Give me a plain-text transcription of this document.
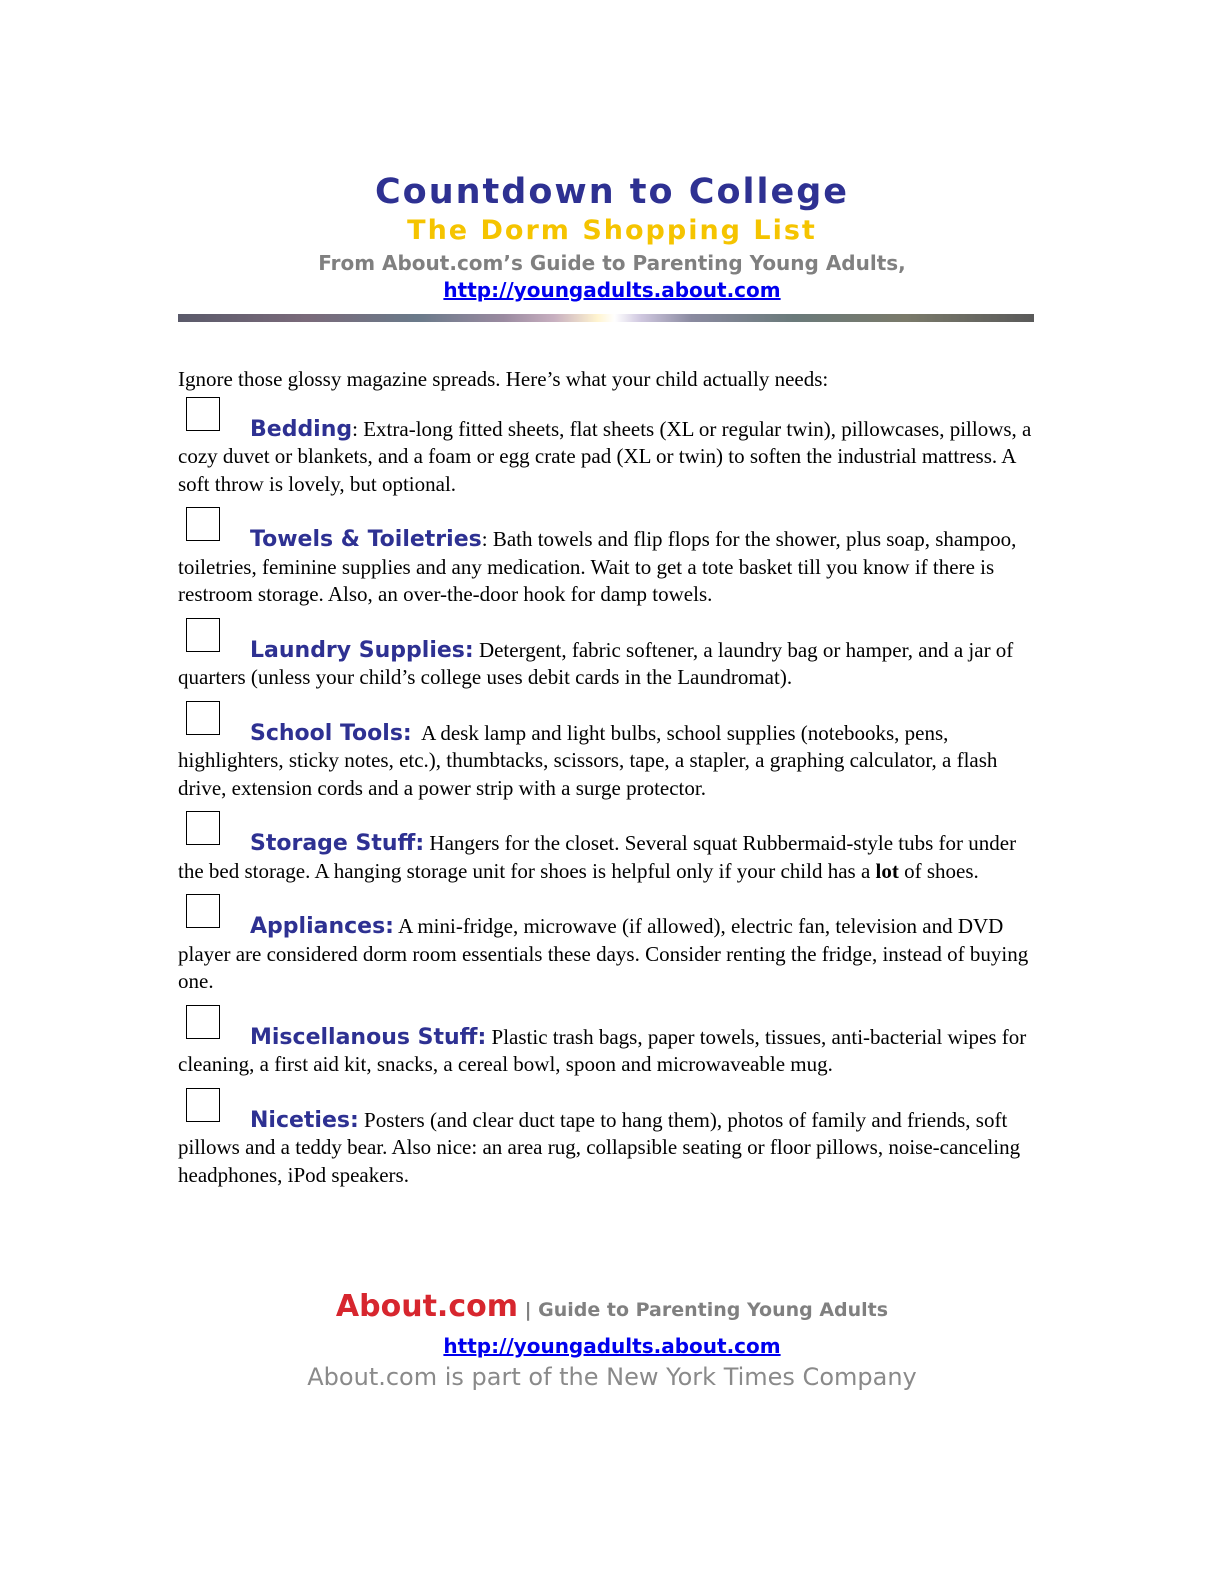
Countdown to College

The Dorm Shopping List

From About.com’s Guide to Parenting Young Adults,

http://youngadults.about.com

Ignore those glossy magazine spreads. Here’s what your child actually needs:

Bedding: Extra-long fitted sheets, flat sheets (XL or regular twin), pillowcases, pillows, a cozy duvet or blankets, and a foam or egg crate pad (XL or twin) to soften the industrial mattress. A soft throw is lovely, but optional.

Towels & Toiletries: Bath towels and flip flops for the shower, plus soap, shampoo, toiletries, feminine supplies and any medication. Wait to get a tote basket till you know if there is restroom storage. Also, an over-the-door hook for damp towels.

Laundry Supplies: Detergent, fabric softener, a laundry bag or hamper, and a jar of quarters (unless your child’s college uses debit cards in the Laundromat).

School Tools: A desk lamp and light bulbs, school supplies (notebooks, pens, highlighters, sticky notes, etc.), thumbtacks, scissors, tape, a stapler, a graphing calculator, a flash drive, extension cords and a power strip with a surge protector.

Storage Stuff: Hangers for the closet. Several squat Rubbermaid-style tubs for under the bed storage. A hanging storage unit for shoes is helpful only if your child has a lot of shoes.

Appliances: A mini-fridge, microwave (if allowed), electric fan, television and DVD player are considered dorm room essentials these days. Consider renting the fridge, instead of buying one.

Miscellanous Stuff: Plastic trash bags, paper towels, tissues, anti-bacterial wipes for cleaning, a first aid kit, snacks, a cereal bowl, spoon and microwaveable mug.

Niceties: Posters (and clear duct tape to hang them), photos of family and friends, soft pillows and a teddy bear. Also nice: an area rug, collapsible seating or floor pillows, noise-canceling headphones, iPod speakers.

About.com | Guide to Parenting Young Adults

http://youngadults.about.com

About.com is part of the New York Times Company
